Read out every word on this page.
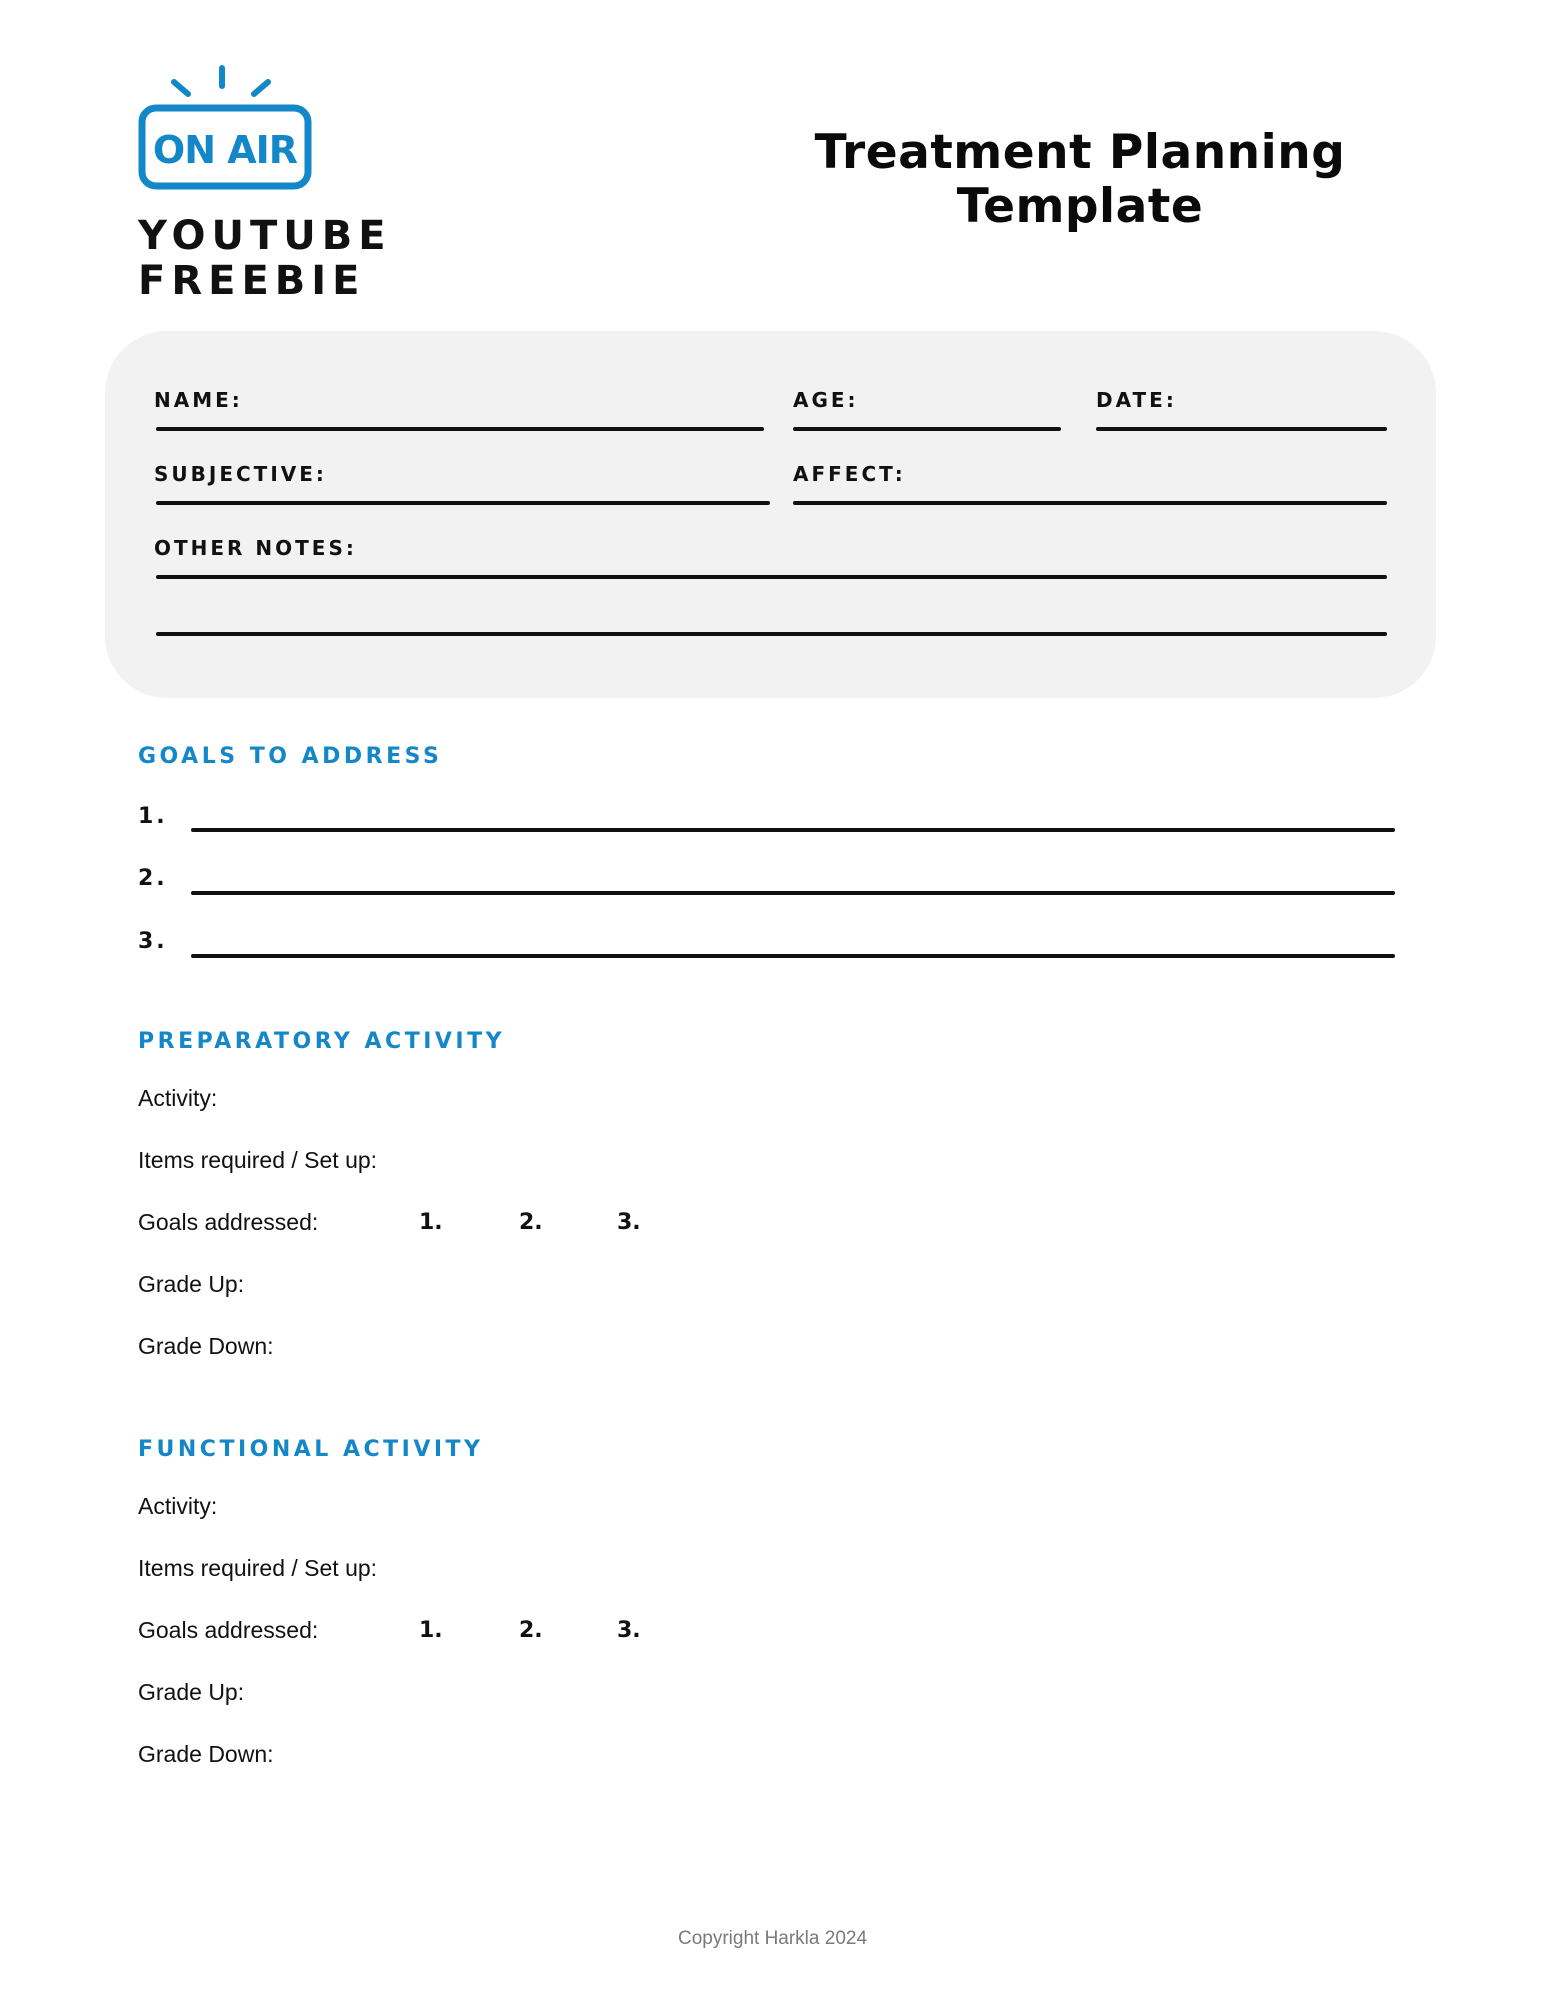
ON AIR
YOUTUBE
FREEBIE
Treatment Planning
Template
NAME:	AGE:	DATE:
SUBJECTIVE:	AFFECT:
OTHER NOTES:
GOALS TO ADDRESS
1.
2.
3.
PREPARATORY ACTIVITY
Activity:
Items required / Set up:
Goals addressed:	1.	2.	3.
Grade Up:
Grade Down:
FUNCTIONAL ACTIVITY
Activity:
Items required / Set up:
Goals addressed:	1.	2.	3.
Grade Up:
Grade Down:
Copyright Harkla 2024
